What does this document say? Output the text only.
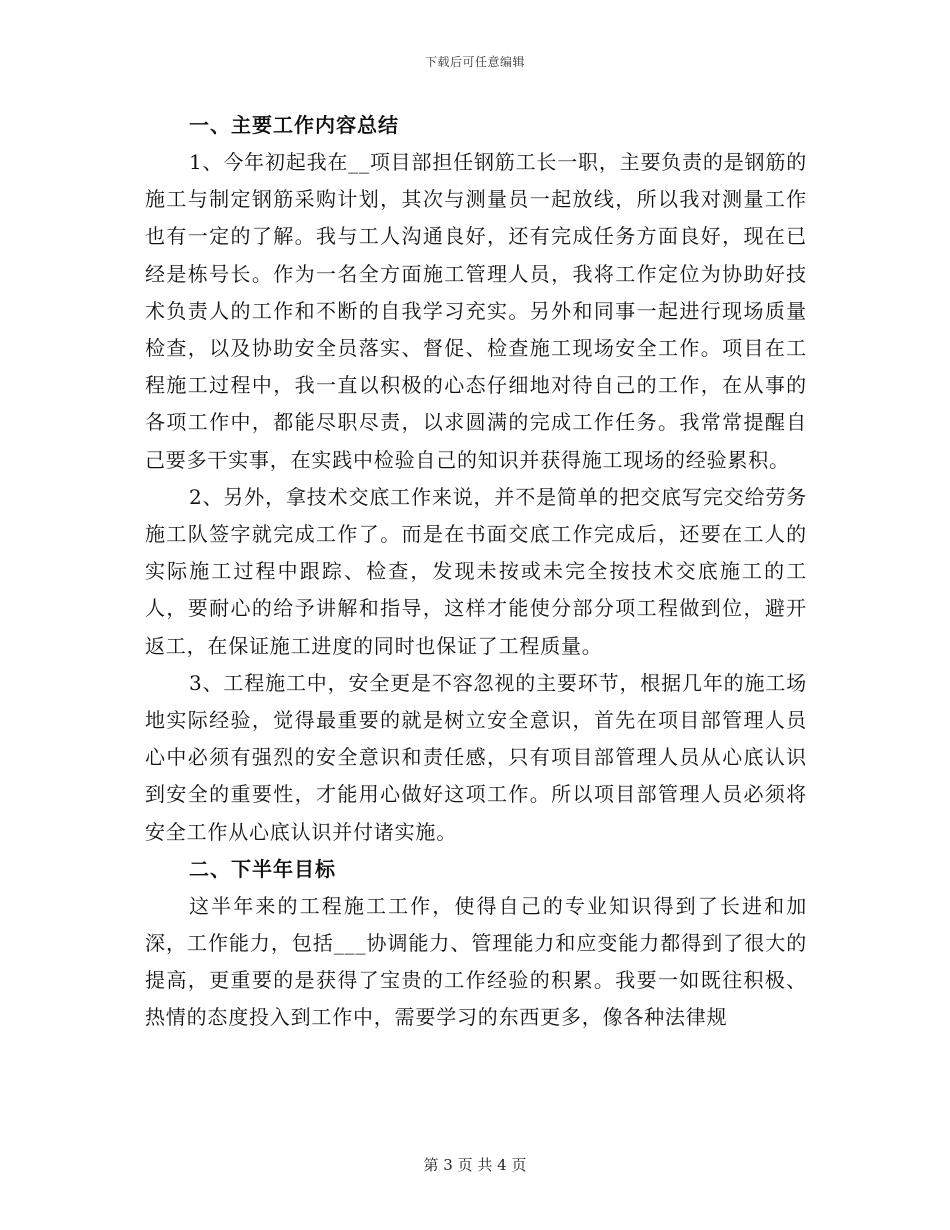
下载后可任意编辑

一、主要工作内容总结

1、今年初起我在__项目部担任钢筋工长一职，主要负责的是钢筋的施工与制定钢筋采购计划，其次与测量员一起放线，所以我对测量工作也有一定的了解。我与工人沟通良好，还有完成任务方面良好，现在已经是栋号长。作为一名全方面施工管理人员，我将工作定位为协助好技术负责人的工作和不断的自我学习充实。另外和同事一起进行现场质量检查，以及协助安全员落实、督促、检查施工现场安全工作。项目在工程施工过程中，我一直以积极的心态仔细地对待自己的工作，在从事的各项工作中，都能尽职尽责，以求圆满的完成工作任务。我常常提醒自己要多干实事，在实践中检验自己的知识并获得施工现场的经验累积。

2、另外，拿技术交底工作来说，并不是简单的把交底写完交给劳务施工队签字就完成工作了。而是在书面交底工作完成后，还要在工人的实际施工过程中跟踪、检查，发现未按或未完全按技术交底施工的工人，要耐心的给予讲解和指导，这样才能使分部分项工程做到位，避开返工，在保证施工进度的同时也保证了工程质量。

3、工程施工中，安全更是不容忽视的主要环节，根据几年的施工场地实际经验，觉得最重要的就是树立安全意识，首先在项目部管理人员心中必须有强烈的安全意识和责任感，只有项目部管理人员从心底认识到安全的重要性，才能用心做好这项工作。所以项目部管理人员必须将安全工作从心底认识并付诸实施。

二、下半年目标

这半年来的工程施工工作，使得自己的专业知识得到了长进和加深，工作能力，包括___协调能力、管理能力和应变能力都得到了很大的提高，更重要的是获得了宝贵的工作经验的积累。我要一如既往积极、热情的态度投入到工作中，需要学习的东西更多，像各种法律规

第 3 页 共 4 页
